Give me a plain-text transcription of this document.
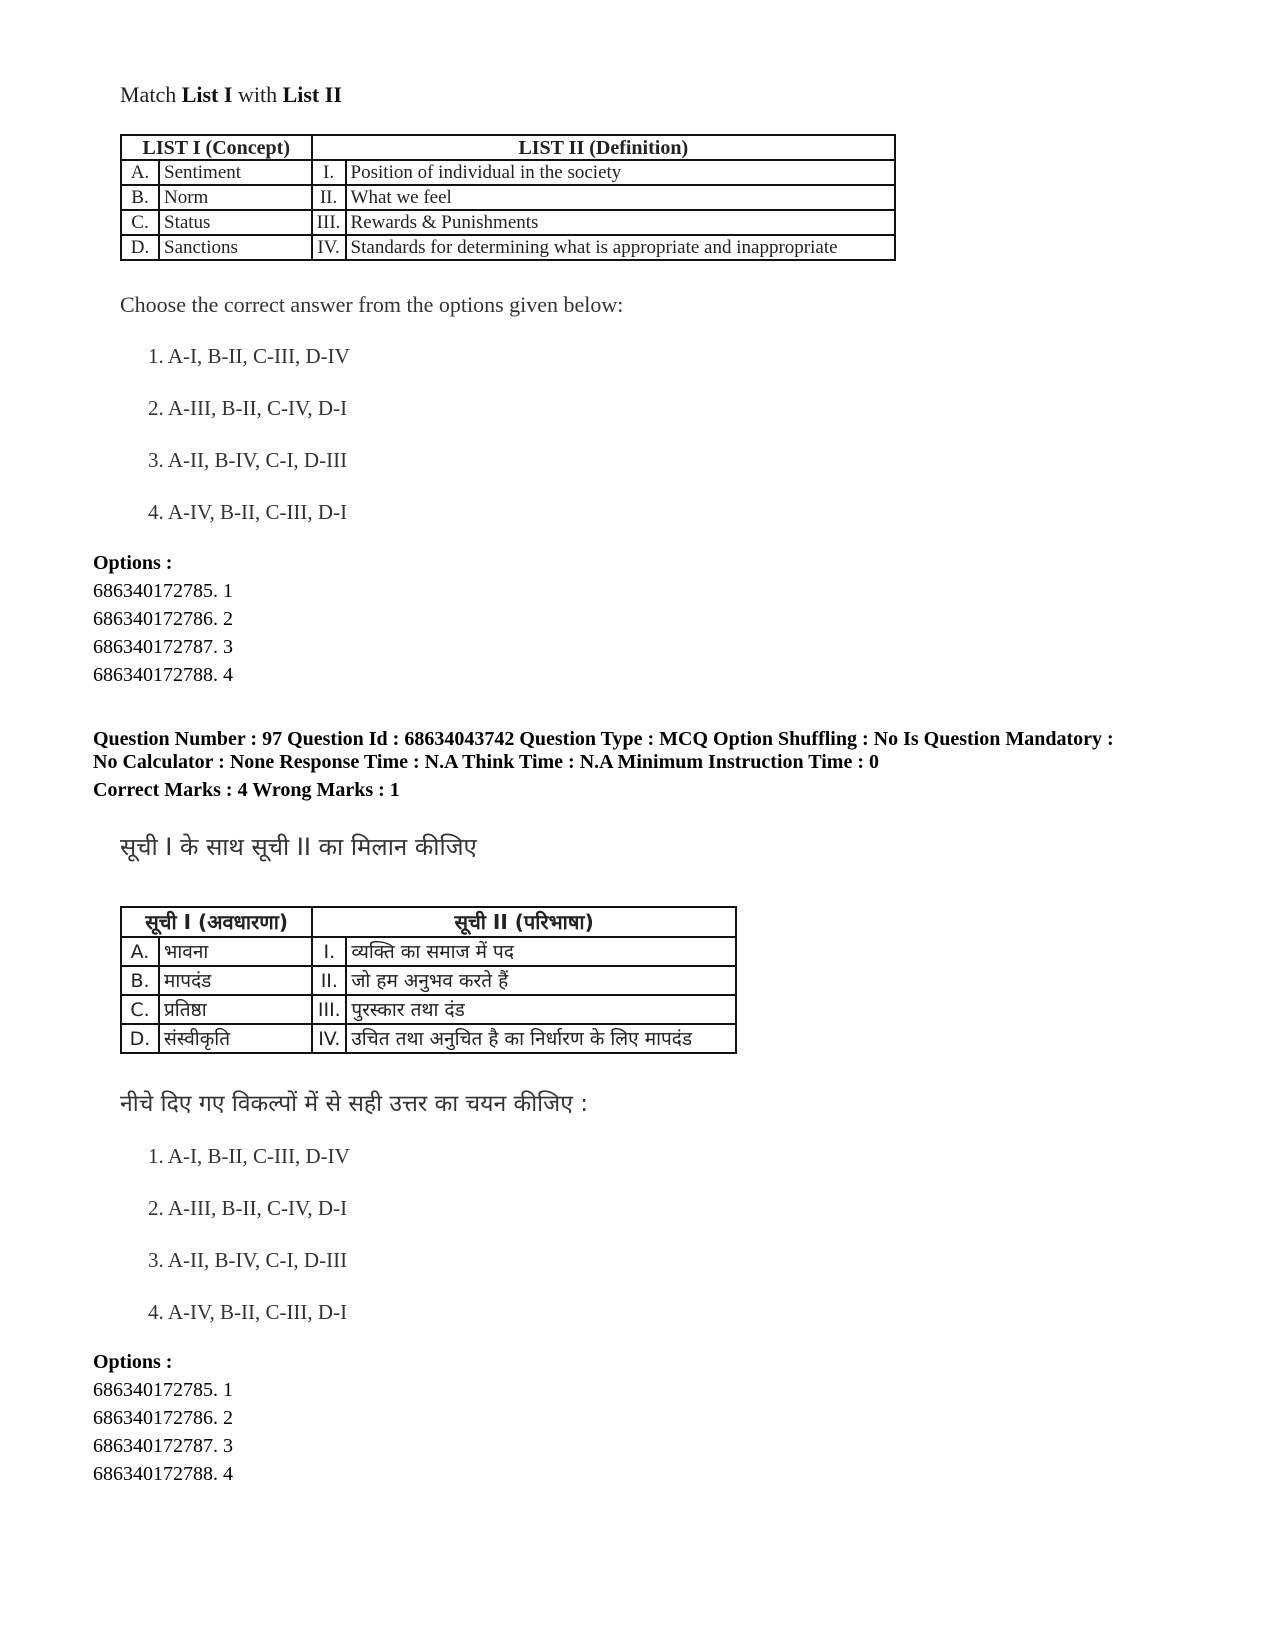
Match List I with List II
LIST I (Concept)		LIST II (Definition)	
A.	Sentiment	I.	Position of individual in the society
B.	Norm	II.	What we feel
C.	Status	III.	Rewards & Punishments
D.	Sanctions	IV.	Standards for determining what is appropriate and inappropriate
Choose the correct answer from the options given below:
1. A-I, B-II, C-III, D-IV
2. A-III, B-II, C-IV, D-I
3. A-II, B-IV, C-I, D-III
4. A-IV, B-II, C-III, D-I
Options :
686340172785. 1
686340172786. 2
686340172787. 3
686340172788. 4
Question Number : 97 Question Id : 68634043742 Question Type : MCQ Option Shuffling : No Is Question Mandatory :
No Calculator : None Response Time : N.A Think Time : N.A Minimum Instruction Time : 0
Correct Marks : 4 Wrong Marks : 1
सूची I के साथ सूची II का मिलान कीजिए
सूची I (अवधारणा)		सूची II (परिभाषा)	
A.	भावना	I.	व्यक्ति का समाज में पद
B.	मापदंड	II.	जो हम अनुभव करते हैं
C.	प्रतिष्ठा	III.	पुरस्कार तथा दंड
D.	संस्वीकृति	IV.	उचित तथा अनुचित है का निर्धारण के लिए मापदंड
नीचे दिए गए विकल्पों में से सही उत्तर का चयन कीजिए :
1. A-I, B-II, C-III, D-IV
2. A-III, B-II, C-IV, D-I
3. A-II, B-IV, C-I, D-III
4. A-IV, B-II, C-III, D-I
Options :
686340172785. 1
686340172786. 2
686340172787. 3
686340172788. 4
